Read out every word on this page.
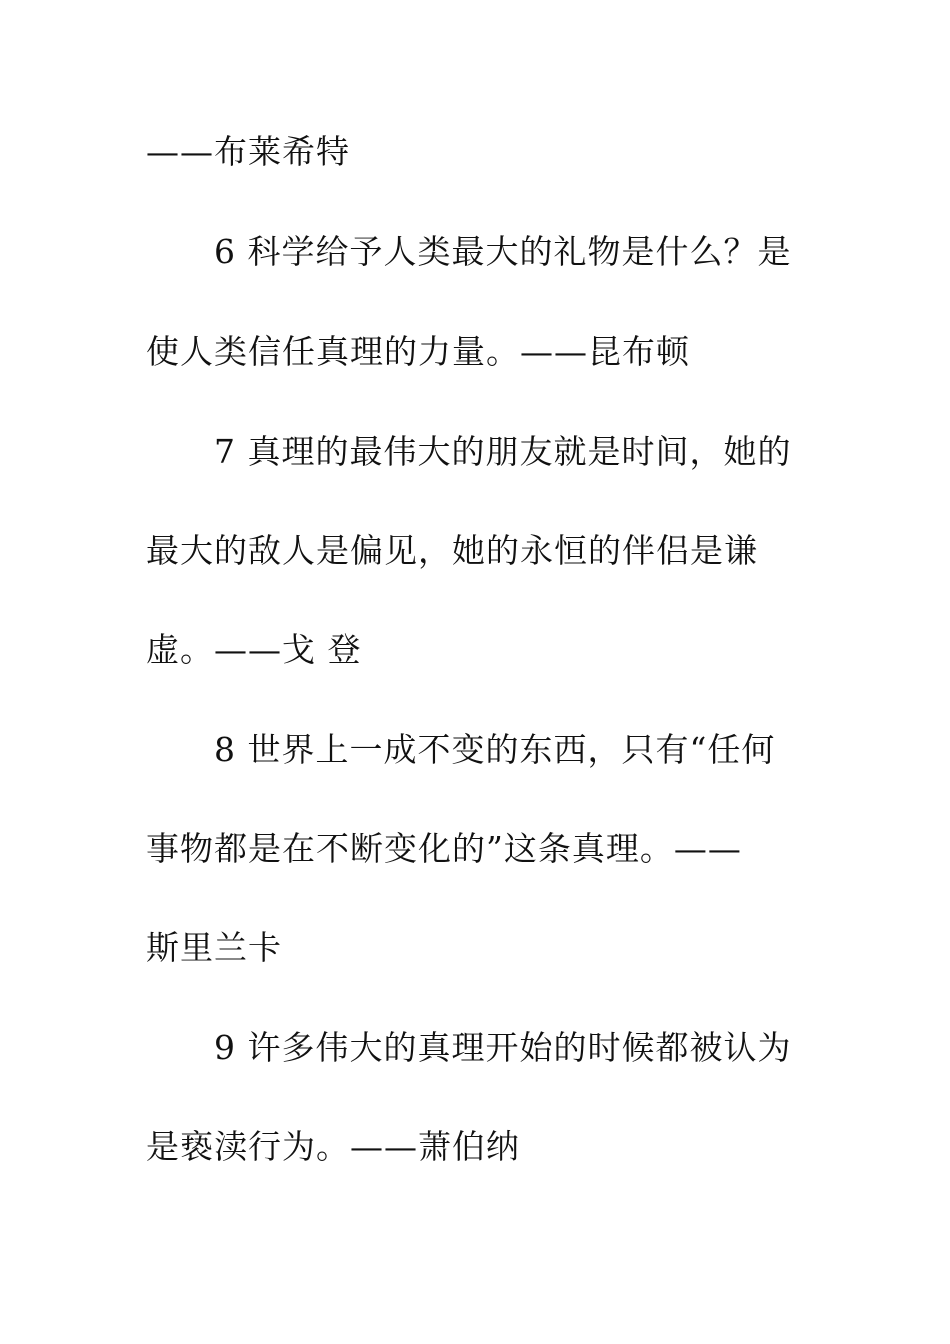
——布莱希特
6 科学给予人类最大的礼物是什么？是
使人类信任真理的力量。——昆布顿
7 真理的最伟大的朋友就是时间，她的
最大的敌人是偏见，她的永恒的伴侣是谦
虚。——戈 登
8 世界上一成不变的东西，只有“任何
事物都是在不断变化的”这条真理。——
斯里兰卡
9 许多伟大的真理开始的时候都被认为
是亵渎行为。——萧伯纳
